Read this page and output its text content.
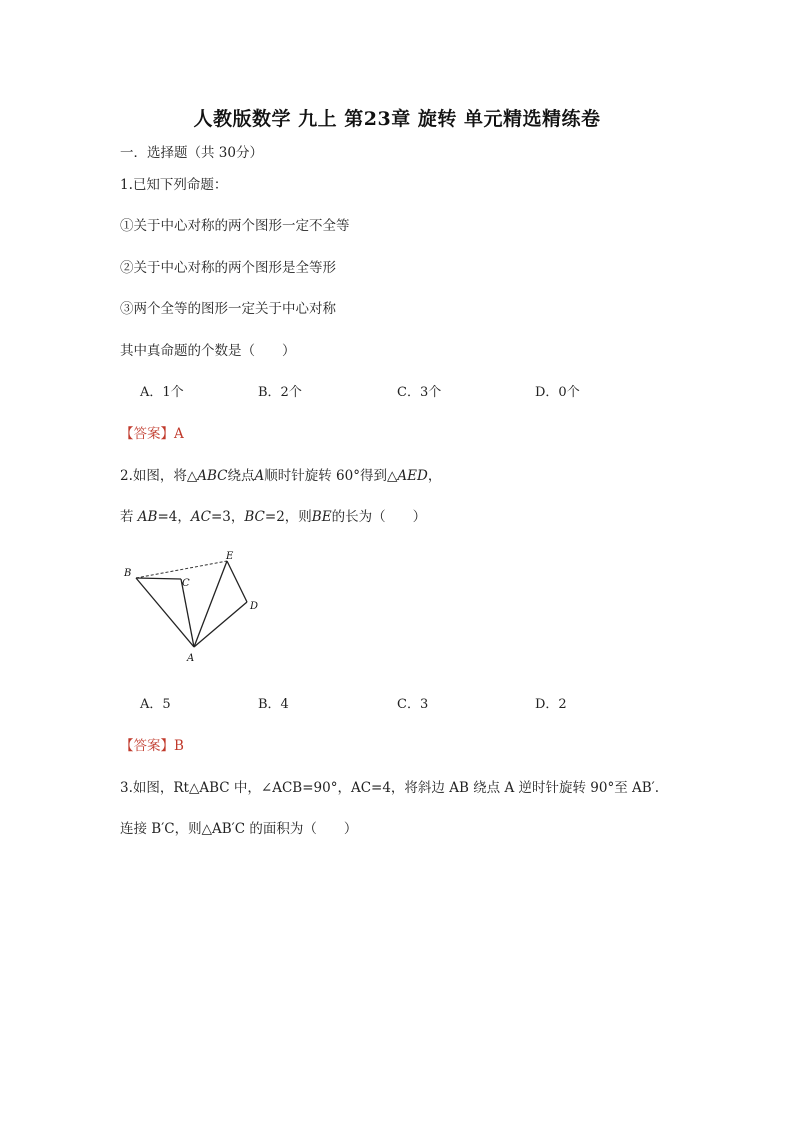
人教版数学 九上 第23章 旋转 单元精选精练卷
一．选择题（共 30分）
1.已知下列命题：
①关于中心对称的两个图形一定不全等
②关于中心对称的两个图形是全等形
③两个全等的图形一定关于中心对称
其中真命题的个数是（　　）
A．1个	B．2个	C．3个	D．0个
【答案】A
2.如图，将△ABC绕点A顺时针旋转 60°得到△AED，
若 AB=4，AC=3，BC=2，则BE的长为（　　）
B
C
E
D
A
A．5	B．4	C．3	D．2
【答案】B
3.如图，Rt△ABC 中，∠ACB=90°，AC=4，将斜边 AB 绕点 A 逆时针旋转 90°至 AB′.
连接 B′C，则△AB′C 的面积为（　　）
